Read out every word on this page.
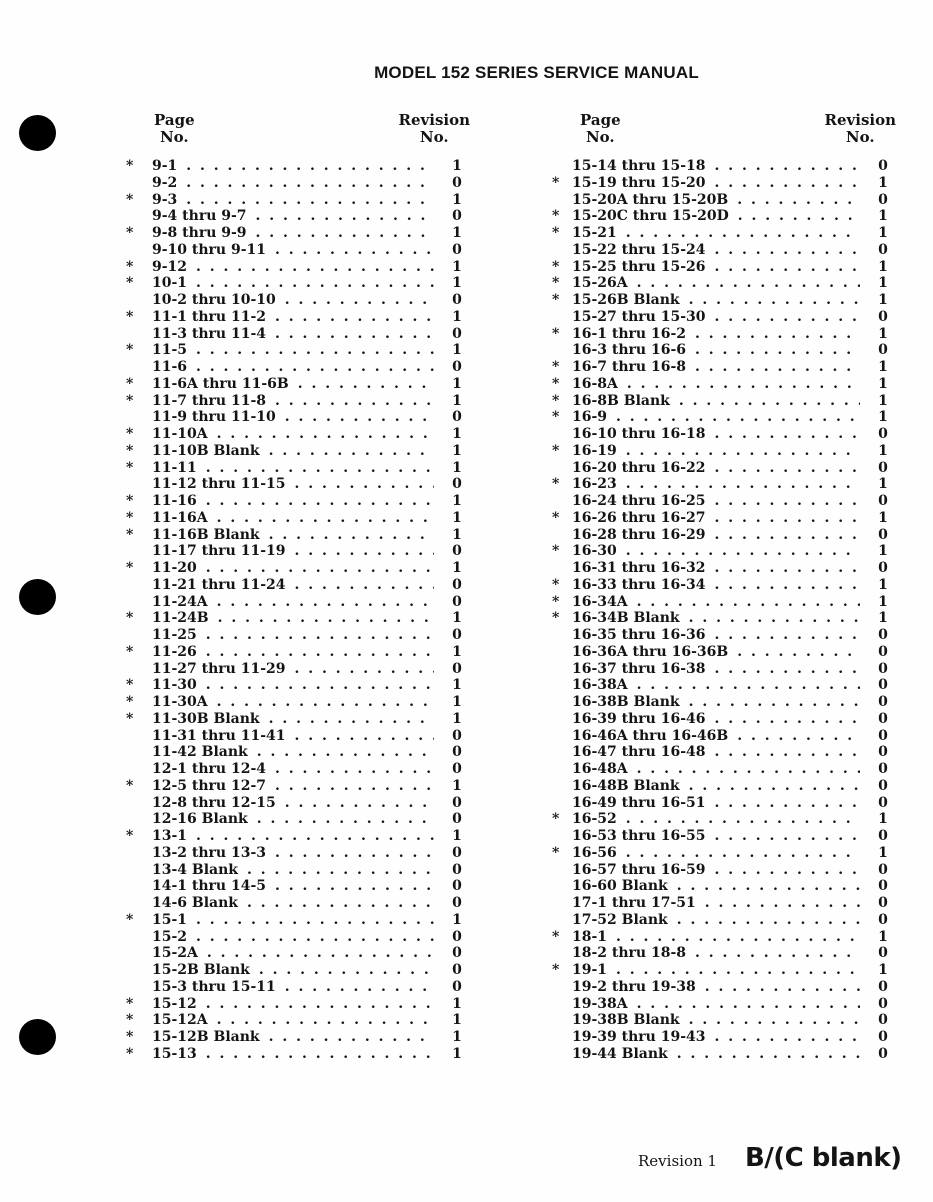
MODEL 152 SERIES SERVICE MANUAL
Page
No.
Revision
No.
*	9-1 . . .	1
9-2 . . .	0
*	9-3 . . .	1
9-4 thru 9-7 . . .	0
*	9-8 thru 9-9 . . .	1
9-10 thru 9-11 . . .	0
*	9-12 . . .	1
*	10-1 . . .	1
10-2 thru 10-10 . . .	0
*	11-1 thru 11-2 . . .	1
11-3 thru 11-4 . . .	0
*	11-5 . . .	1
11-6 . . .	0
*	11-6A thru 11-6B . . .	1
*	11-7 thru 11-8 . . .	1
11-9 thru 11-10 . . .	0
*	11-10A . . .	1
*	11-10B Blank . . .	1
*	11-11 . . .	1
11-12 thru 11-15 . . .	0
*	11-16 . . .	1
*	11-16A . . .	1
*	11-16B Blank . . .	1
11-17 thru 11-19 . . .	0
*	11-20 . . .	1
11-21 thru 11-24 . . .	0
11-24A . . .	0
*	11-24B . . .	1
11-25 . . .	0
*	11-26 . . .	1
11-27 thru 11-29 . . .	0
*	11-30 . . .	1
*	11-30A . . .	1
*	11-30B Blank . . .	1
11-31 thru 11-41 . . .	0
11-42 Blank . . .	0
12-1 thru 12-4 . . .	0
*	12-5 thru 12-7 . . .	1
12-8 thru 12-15 . . .	0
12-16 Blank . . .	0
*	13-1 . . .	1
13-2 thru 13-3 . . .	0
13-4 Blank . . .	0
14-1 thru 14-5 . . .	0
14-6 Blank . . .	0
*	15-1 . . .	1
15-2 . . .	0
15-2A . . .	0
15-2B Blank . . .	0
15-3 thru 15-11 . . .	0
*	15-12 . . .	1
*	15-12A . . .	1
*	15-12B Blank . . .	1
*	15-13 . . .	1
Page
No.
Revision
No.
15-14 thru 15-18 . . .	0
* 15-19 thru 15-20 . . .	1
15-20A thru 15-20B . . .	0
* 15-20C thru 15-20D . . .	1
* 15-21 . . .	1
15-22 thru 15-24 . . .	0
* 15-25 thru 15-26 . . .	1
* 15-26A . . .	1
* 15-26B Blank . . .	1
15-27 thru 15-30 . . .	0
* 16-1 thru 16-2 . . .	1
16-3 thru 16-6 . . .	0
* 16-7 thru 16-8 . . .	1
* 16-8A . . .	1
* 16-8B Blank . . .	1
* 16-9 . . .	1
16-10 thru 16-18 . . .	0
* 16-19 . . .	1
16-20 thru 16-22 . . .	0
* 16-23 . . .	1
16-24 thru 16-25 . . .	0
* 16-26 thru 16-27 . . .	1
16-28 thru 16-29 . . .	0
* 16-30 . . .	1
16-31 thru 16-32 . . .	0
* 16-33 thru 16-34 . . .	1
* 16-34A . . .	1
* 16-34B Blank . . .	1
16-35 thru 16-36 . . .	0
16-36A thru 16-36B . . .	0
16-37 thru 16-38 . . .	0
16-38A . . .	0
16-38B Blank . . .	0
16-39 thru 16-46 . . .	0
16-46A thru 16-46B . . .	0
16-47 thru 16-48 . . .	0
16-48A . . .	0
16-48B Blank . . .	0
16-49 thru 16-51 . . .	0
* 16-52 . . .	1
16-53 thru 16-55 . . .	0
* 16-56 . . .	1
16-57 thru 16-59 . . .	0
16-60 Blank . . .	0
17-1 thru 17-51 . . .	0
17-52 Blank . . .	0
* 18-1 . . .	1
18-2 thru 18-8 . . .	0
* 19-1 . . .	1
19-2 thru 19-38 . . .	0
19-38A . . .	0
19-38B Blank . . .	0
19-39 thru 19-43 . . .	0
19-44 Blank . . .	0
Revision 1 B/(C blank)
